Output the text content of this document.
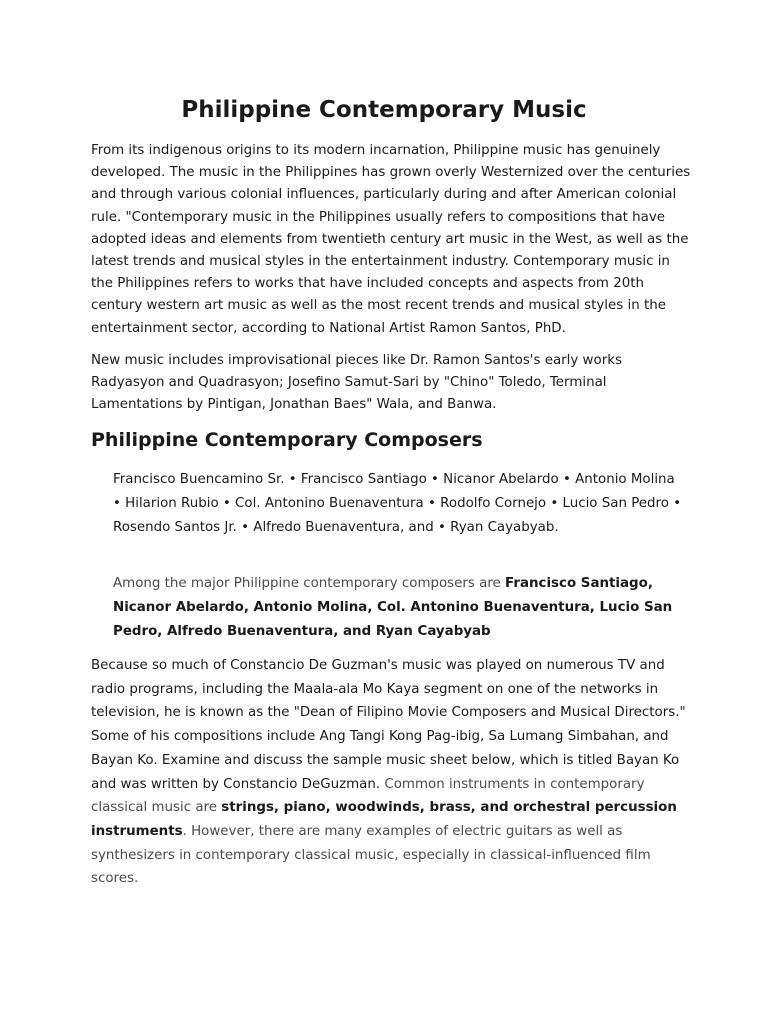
Philippine Contemporary Music

From its indigenous origins to its modern incarnation, Philippine music has genuinely developed. The music in the Philippines has grown overly Westernized over the centuries and through various colonial influences, particularly during and after American colonial rule. "Contemporary music in the Philippines usually refers to compositions that have adopted ideas and elements from twentieth century art music in the West, as well as the latest trends and musical styles in the entertainment industry. Contemporary music in the Philippines refers to works that have included concepts and aspects from 20th century western art music as well as the most recent trends and musical styles in the entertainment sector, according to National Artist Ramon Santos, PhD.

New music includes improvisational pieces like Dr. Ramon Santos's early works Radyasyon and Quadrasyon; Josefino Samut-Sari by "Chino" Toledo, Terminal Lamentations by Pintigan, Jonathan Baes" Wala, and Banwa.

Philippine Contemporary Composers

Francisco Buencamino Sr. • Francisco Santiago • Nicanor Abelardo • Antonio Molina • Hilarion Rubio • Col. Antonino Buenaventura • Rodolfo Cornejo • Lucio San Pedro • Rosendo Santos Jr. • Alfredo Buenaventura, and • Ryan Cayabyab.

Among the major Philippine contemporary composers are Francisco Santiago, Nicanor Abelardo, Antonio Molina, Col. Antonino Buenaventura, Lucio San Pedro, Alfredo Buenaventura, and Ryan Cayabyab

Because so much of Constancio De Guzman's music was played on numerous TV and radio programs, including the Maala-ala Mo Kaya segment on one of the networks in television, he is known as the "Dean of Filipino Movie Composers and Musical Directors." Some of his compositions include Ang Tangi Kong Pag-ibig, Sa Lumang Simbahan, and Bayan Ko. Examine and discuss the sample music sheet below, which is titled Bayan Ko and was written by Constancio DeGuzman. Common instruments in contemporary classical music are strings, piano, woodwinds, brass, and orchestral percussion instruments. However, there are many examples of electric guitars as well as synthesizers in contemporary classical music, especially in classical-influenced film scores.
